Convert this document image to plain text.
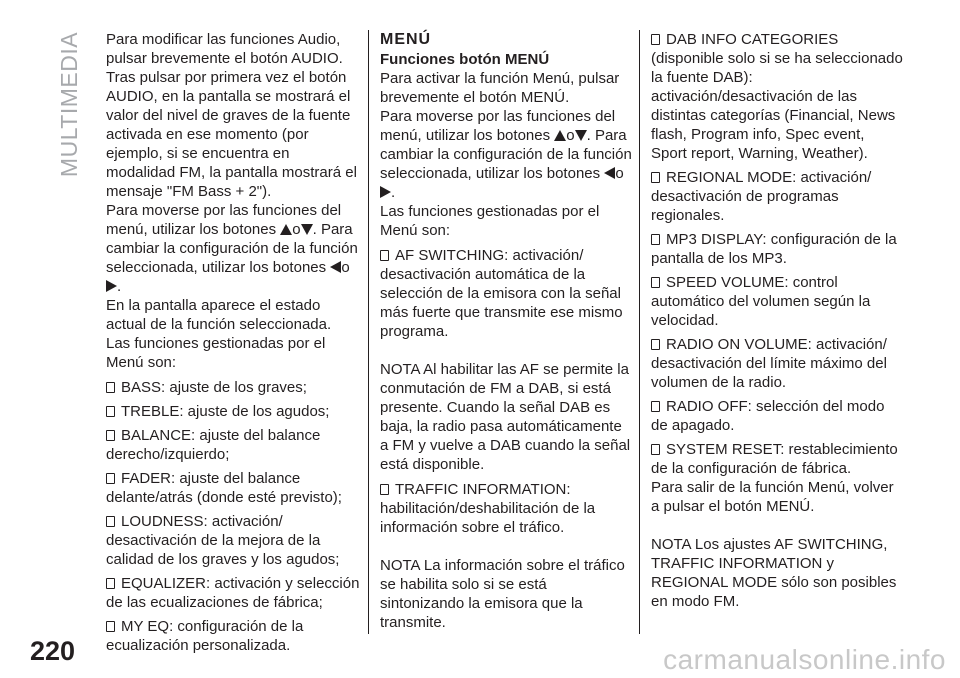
MULTIMEDIA Para modificar las funciones Audio, pulsar brevemente el botón AUDIO. Tras pulsar por primera vez el botón AUDIO, en la pantalla se mostrará el valor del nivel de graves de la fuente activada en ese momento (por ejemplo, si se encuentra en modalidad FM, la pantalla mostrará el mensaje "FM Bass + 2").

Para moverse por las funciones del menú, utilizar los botones o . Para cambiar la configuración de la función seleccionada, utilizar los botones o
.

En la pantalla aparece el estado actual de la función seleccionada.

Las funciones gestionadas por el Menú son:

BASS: ajuste de los graves;

TREBLE: ajuste de los agudos;

BALANCE: ajuste del balance derecho/izquierdo;

FADER: ajuste del balance delante/atrás (donde esté previsto);

LOUDNESS: activación/ desactivación de la mejora de la calidad de los graves y los agudos;

EQUALIZER: activación y selección de las ecualizaciones de fábrica;

MY EQ: configuración de la ecualización personalizada.

MENÚ

Funciones botón MENÚ

Para activar la función Menú, pulsar brevemente el botón MENÚ.

Para moverse por las funciones del menú, utilizar los botones o . Para cambiar la configuración de la función seleccionada, utilizar los botones o
.

Las funciones gestionadas por el Menú son:

AF SWITCHING: activación/ desactivación automática de la selección de la emisora con la señal más fuerte que transmite ese mismo programa.

NOTA Al habilitar las AF se permite la conmutación de FM a DAB, si está presente. Cuando la señal DAB es baja, la radio pasa automáticamente a FM y vuelve a DAB cuando la señal está disponible.

TRAFFIC INFORMATION: habilitación/deshabilitación de la información sobre el tráfico.

NOTA La información sobre el tráfico se habilita solo si se está sintonizando la emisora que la transmite.

DAB INFO CATEGORIES (disponible solo si se ha seleccionado la fuente DAB): activación/desactivación de las distintas categorías (Financial, News flash, Program info, Spec event, Sport report, Warning, Weather).

REGIONAL MODE: activación/ desactivación de programas regionales.

MP3 DISPLAY: configuración de la pantalla de los MP3.

SPEED VOLUME: control automático del volumen según la velocidad.

RADIO ON VOLUME: activación/ desactivación del límite máximo del volumen de la radio.

RADIO OFF: selección del modo de apagado.

SYSTEM RESET: restablecimiento de la configuración de fábrica.

Para salir de la función Menú, volver a pulsar el botón MENÚ.

NOTA Los ajustes AF SWITCHING, TRAFFIC INFORMATION y REGIONAL MODE sólo son posibles en modo FM.

220	carmanualsonline.info
